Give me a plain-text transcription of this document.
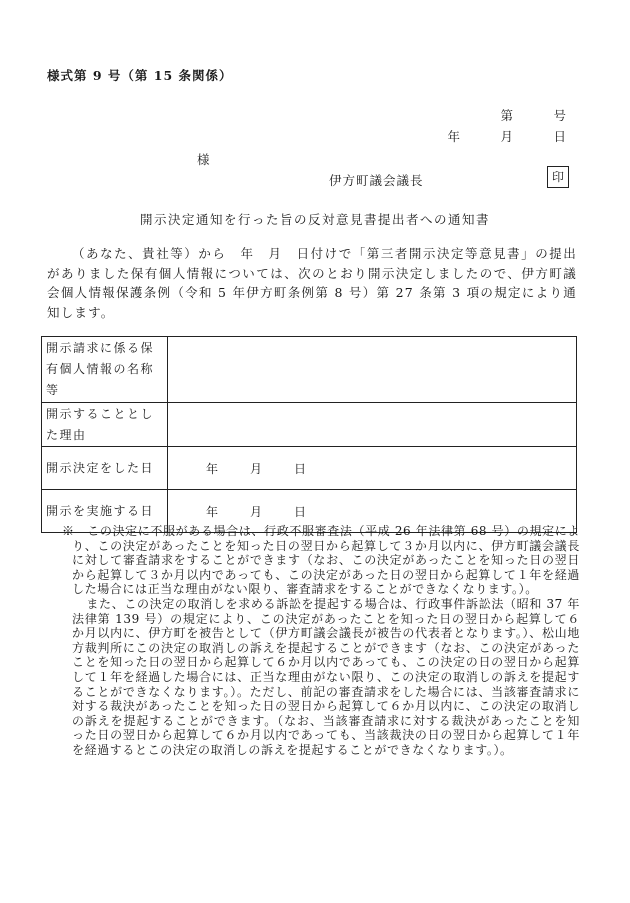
様式第 9 号（第 15 条関係）
第　号
年　月　日
様
伊方町議会議長	印
開示決定通知を行った旨の反対意見書提出者への通知書

（あなた、貴社等）から　年　月　日付けで「第三者開示決定等意見書」の提出がありました保有個人情報については、次のとおり開示決定しましたので、伊方町議会個人情報保護条例（令和 5 年伊方町条例第 8 号）第 27 条第 3 項の規定により通知します。

開示請求に係る保有個人情報の名称等	
開示することとした理由	
開示決定をした日	年　月　日
開示を実施する日	年　月　日

※　この決定に不服がある場合は、行政不服審査法（平成 26 年法律第 68 号）の規定により、この決定があったことを知った日の翌日から起算して３か月以内に、伊方町議会議長に対して審査請求をすることができます（なお、この決定があったことを知った日の翌日から起算して３か月以内であっても、この決定があった日の翌日から起算して１年を経過した場合には正当な理由がない限り、審査請求をすることができなくなります。）。

また、この決定の取消しを求める訴訟を提起する場合は、行政事件訴訟法（昭和 37 年法律第 139 号）の規定により、この決定があったことを知った日の翌日から起算して６か月以内に、伊方町を被告として（伊方町議会議長が被告の代表者となります。）、松山地方裁判所にこの決定の取消しの訴えを提起することができます（なお、この決定があったことを知った日の翌日から起算して６か月以内であっても、この決定の日の翌日から起算して１年を経過した場合には、正当な理由がない限り、この決定の取消しの訴えを提起することができなくなります。）。ただし、前記の審査請求をした場合には、当該審査請求に対する裁決があったことを知った日の翌日から起算して６か月以内に、この決定の取消しの訴えを提起することができます。（なお、当該審査請求に対する裁決があったことを知った日の翌日から起算して６か月以内であっても、当該裁決の日の翌日から起算して１年を経過するとこの決定の取消しの訴えを提起することができなくなります。）。
